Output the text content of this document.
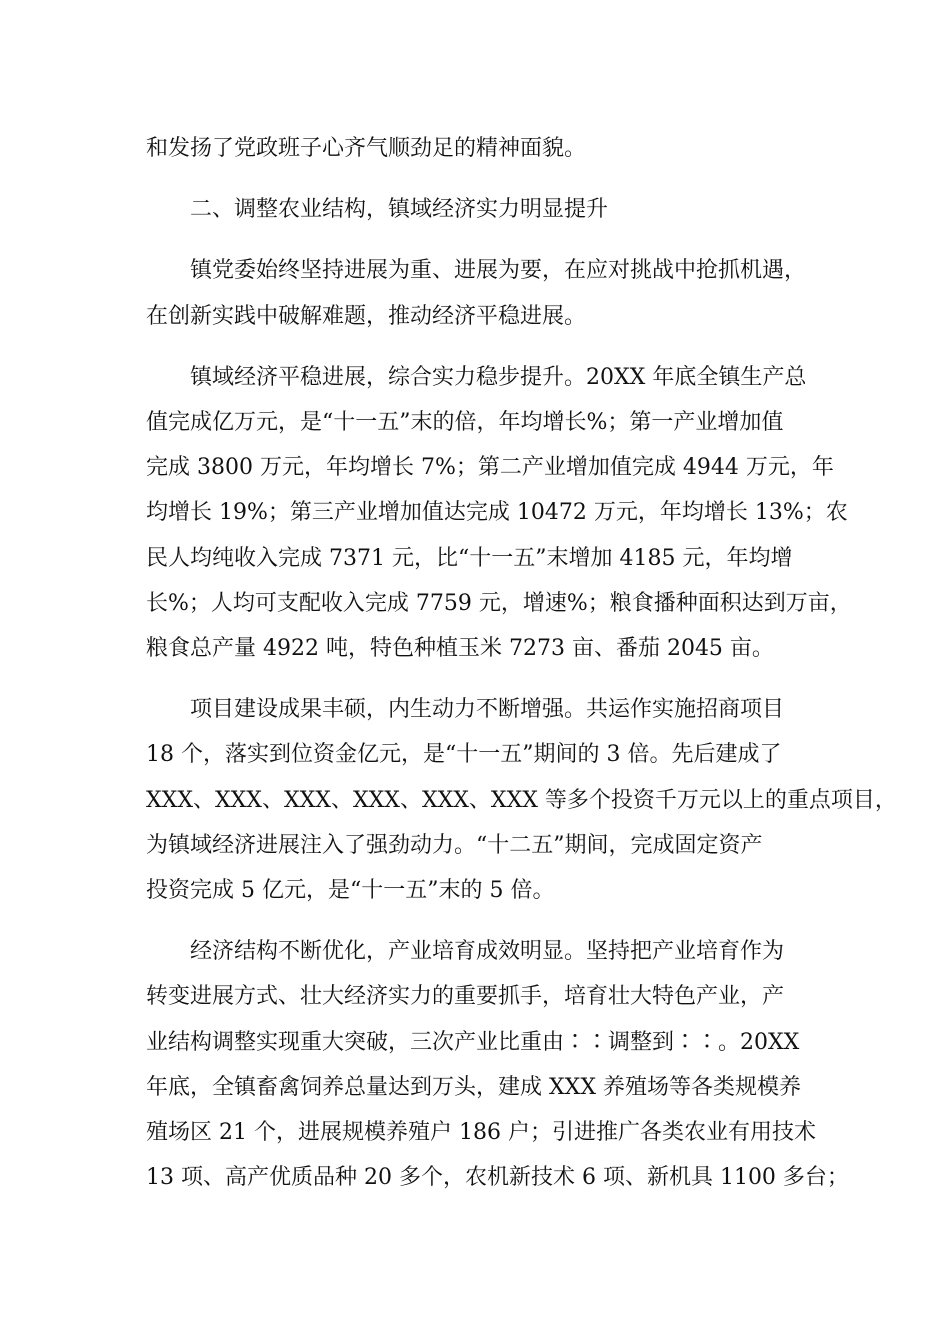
和发扬了党政班子心齐气顺劲足的精神面貌。
二、调整农业结构，镇域经济实力明显提升
镇党委始终坚持进展为重、进展为要，在应对挑战中抢抓机遇，
在创新实践中破解难题，推动经济平稳进展。
镇域经济平稳进展，综合实力稳步提升。20XX 年底全镇生产总
值完成亿万元，是“十一五”末的倍，年均增长%；第一产业增加值
完成 3800 万元，年均增长 7%；第二产业增加值完成 4944 万元，年
均增长 19%；第三产业增加值达完成 10472 万元，年均增长 13%；农
民人均纯收入完成 7371 元，比“十一五”末增加 4185 元，年均增
长%；人均可支配收入完成 7759 元，增速%；粮食播种面积达到万亩，
粮食总产量 4922 吨，特色种植玉米 7273 亩、番茄 2045 亩。
项目建设成果丰硕，内生动力不断增强。共运作实施招商项目
18 个，落实到位资金亿元，是“十一五”期间的 3 倍。先后建成了
XXX、XXX、XXX、XXX、XXX、XXX 等多个投资千万元以上的重点项目，
为镇域经济进展注入了强劲动力。“十二五”期间，完成固定资产
投资完成 5 亿元，是“十一五”末的 5 倍。
经济结构不断优化，产业培育成效明显。坚持把产业培育作为
转变进展方式、壮大经济实力的重要抓手，培育壮大特色产业，产
业结构调整实现重大突破，三次产业比重由∶∶调整到∶∶。20XX
年底，全镇畜禽饲养总量达到万头，建成 XXX 养殖场等各类规模养
殖场区 21 个，进展规模养殖户 186 户；引进推广各类农业有用技术
13 项、高产优质品种 20 多个，农机新技术 6 项、新机具 1100 多台；
